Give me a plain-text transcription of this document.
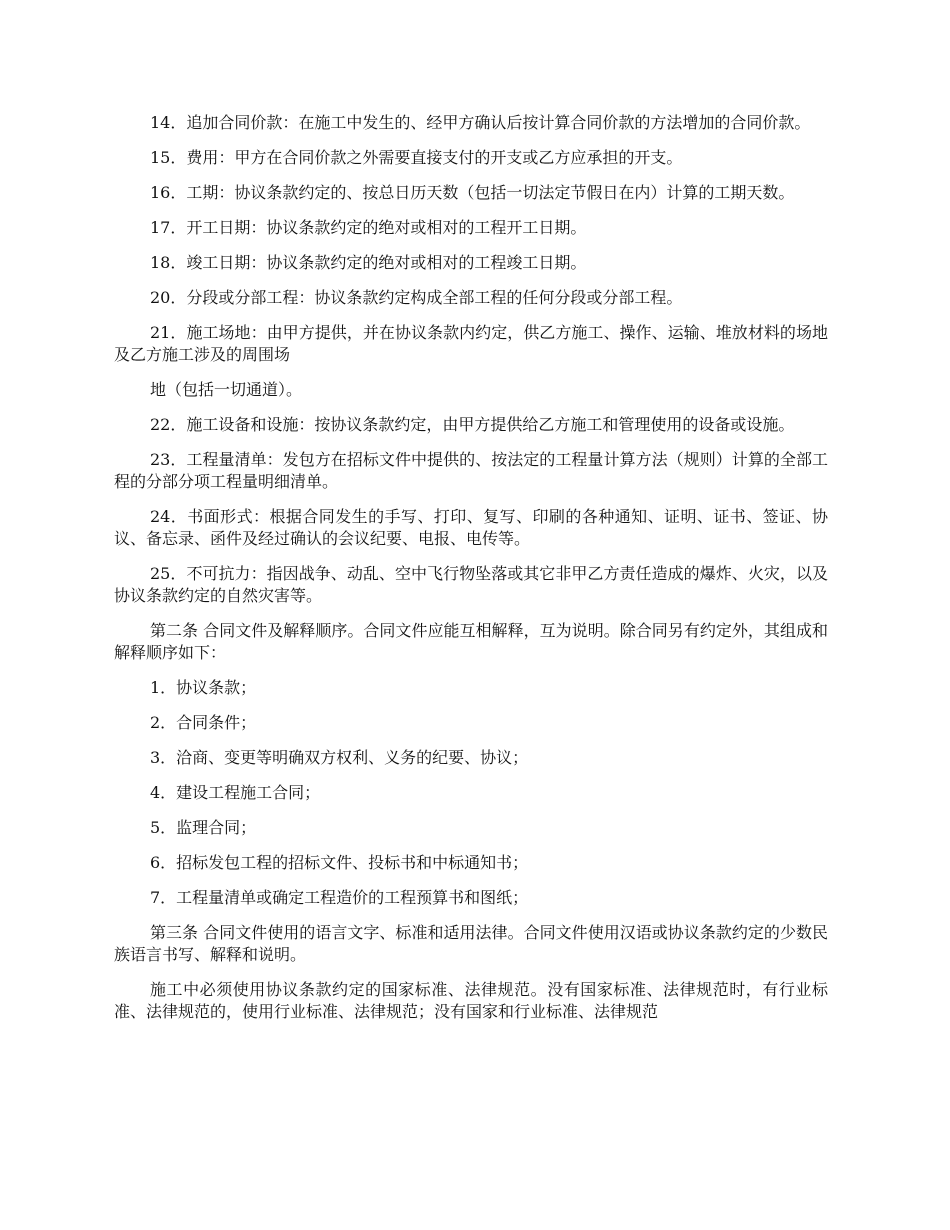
14．追加合同价款：在施工中发生的、经甲方确认后按计算合同价款的方法增加的合同价款。

15．费用：甲方在合同价款之外需要直接支付的开支或乙方应承担的开支。

16．工期：协议条款约定的、按总日历天数（包括一切法定节假日在内）计算的工期天数。

17．开工日期：协议条款约定的绝对或相对的工程开工日期。

18．竣工日期：协议条款约定的绝对或相对的工程竣工日期。

20．分段或分部工程：协议条款约定构成全部工程的任何分段或分部工程。

21．施工场地：由甲方提供，并在协议条款内约定，供乙方施工、操作、运输、堆放材料的场地及乙方施工涉及的周围场

地（包括一切通道）。

22．施工设备和设施：按协议条款约定，由甲方提供给乙方施工和管理使用的设备或设施。

23．工程量清单：发包方在招标文件中提供的、按法定的工程量计算方法（规则）计算的全部工程的分部分项工程量明细清单。

24．书面形式：根据合同发生的手写、打印、复写、印刷的各种通知、证明、证书、签证、协议、备忘录、函件及经过确认的会议纪要、电报、电传等。

25．不可抗力：指因战争、动乱、空中飞行物坠落或其它非甲乙方责任造成的爆炸、火灾，以及协议条款约定的自然灾害等。

第二条 合同文件及解释顺序。合同文件应能互相解释，互为说明。除合同另有约定外，其组成和解释顺序如下：

1．协议条款；

2．合同条件；

3．洽商、变更等明确双方权利、义务的纪要、协议；

4．建设工程施工合同；

5．监理合同；

6．招标发包工程的招标文件、投标书和中标通知书；

7．工程量清单或确定工程造价的工程预算书和图纸；

第三条 合同文件使用的语言文字、标准和适用法律。合同文件使用汉语或协议条款约定的少数民族语言书写、解释和说明。

施工中必须使用协议条款约定的国家标准、法律规范。没有国家标准、法律规范时，有行业标准、法律规范的，使用行业标准、法律规范；没有国家和行业标准、法律规范
